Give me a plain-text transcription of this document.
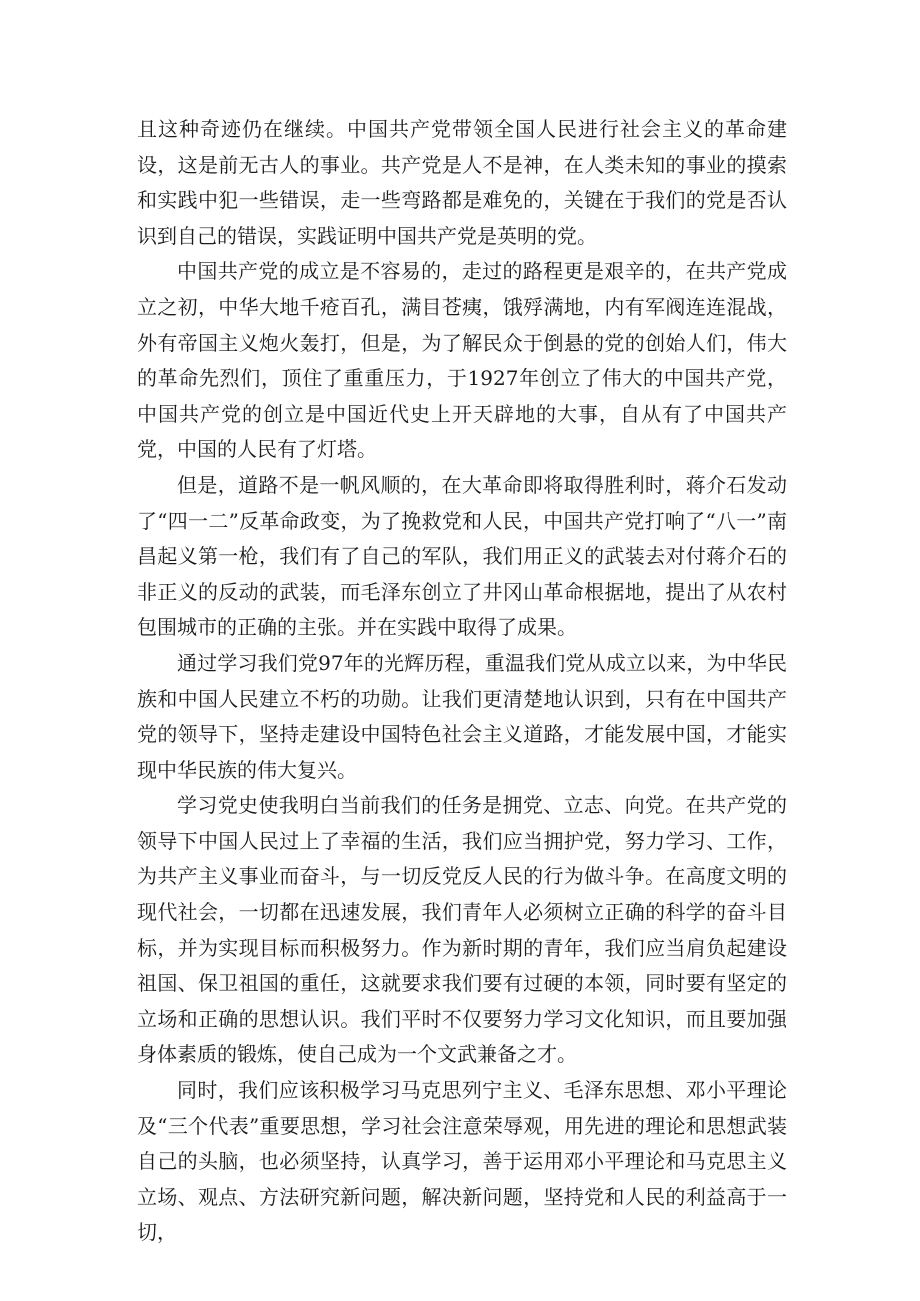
且这种奇迹仍在继续。中国共产党带领全国人民进行社会主义的革命建设，这是前无古人的事业。共产党是人不是神，在人类未知的事业的摸索和实践中犯一些错误，走一些弯路都是难免的，关键在于我们的党是否认识到自己的错误，实践证明中国共产党是英明的党。

中国共产党的成立是不容易的，走过的路程更是艰辛的，在共产党成立之初，中华大地千疮百孔，满目苍痍，饿殍满地，内有军阀连连混战，外有帝国主义炮火轰打，但是，为了解民众于倒悬的党的创始人们，伟大的革命先烈们，顶住了重重压力，于1927年创立了伟大的中国共产党，中国共产党的创立是中国近代史上开天辟地的大事，自从有了中国共产党，中国的人民有了灯塔。

但是，道路不是一帆风顺的，在大革命即将取得胜利时，蒋介石发动了“四一二”反革命政变，为了挽救党和人民，中国共产党打响了“八一”南昌起义第一枪，我们有了自己的军队，我们用正义的武装去对付蒋介石的非正义的反动的武装，而毛泽东创立了井冈山革命根据地，提出了从农村包围城市的正确的主张。并在实践中取得了成果。

通过学习我们党97年的光辉历程，重温我们党从成立以来，为中华民族和中国人民建立不朽的功勋。让我们更清楚地认识到，只有在中国共产党的领导下，坚持走建设中国特色社会主义道路，才能发展中国，才能实现中华民族的伟大复兴。

学习党史使我明白当前我们的任务是拥党、立志、向党。在共产党的领导下中国人民过上了幸福的生活，我们应当拥护党，努力学习、工作，为共产主义事业而奋斗，与一切反党反人民的行为做斗争。在高度文明的现代社会，一切都在迅速发展，我们青年人必须树立正确的科学的奋斗目标，并为实现目标而积极努力。作为新时期的青年，我们应当肩负起建设祖国、保卫祖国的重任，这就要求我们要有过硬的本领，同时要有坚定的立场和正确的思想认识。我们平时不仅要努力学习文化知识，而且要加强身体素质的锻炼，使自己成为一个文武兼备之才。

同时，我们应该积极学习马克思列宁主义、毛泽东思想、邓小平理论及“三个代表”重要思想，学习社会注意荣辱观，用先进的理论和思想武装自己的头脑，也必须坚持，认真学习，善于运用邓小平理论和马克思主义立场、观点、方法研究新问题，解决新问题，坚持党和人民的利益高于一切，
